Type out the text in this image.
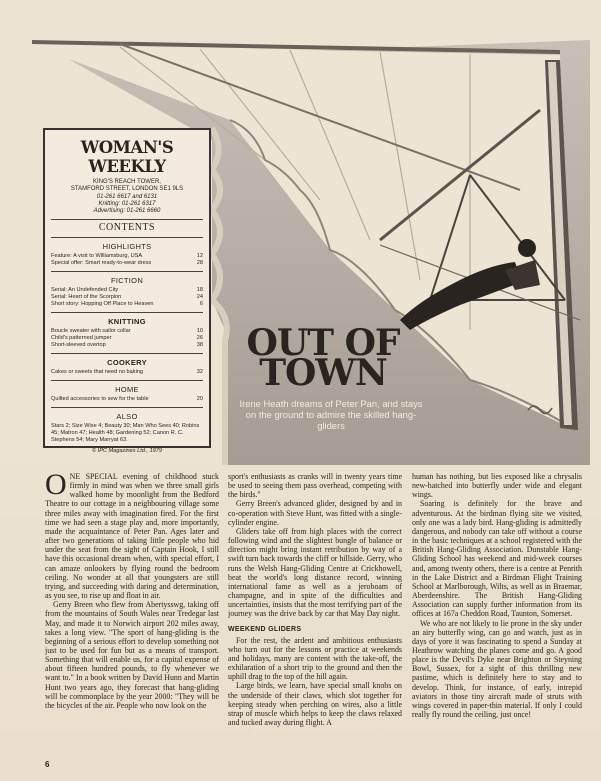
WOMAN'S WEEKLY
KING'S REACH TOWER,
STAMFORD STREET, LONDON SE1 9LS
01-261 6617 and 6131
Knitting: 01-261 6317
Advertising: 01-261 6660
CONTENTS
HIGHLIGHTS
Feature: A visit to Williamsburg, USA	12
Special offer: Smart ready-to-wear dress	28
FICTION
Serial: An Undefended City	18
Serial: Heart of the Scorpion	24
Short story: Hopping Off Place to Heaven	6
KNITTING
Boucle sweater with sailor collar	10
Child's patterned jumper	26
Short-sleeved overtop	38
COOKERY
Cakes or sweets that need no baking	32
HOME
Quilted accessories to sew for the table	20
ALSO
Stars 2; Size Wise 4; Beauty 30; Man Who Sees 40; Robins 45; Matron 47; Health 48; Gardening 52; Canon R. C. Stephens 54; Mary Marryat 63.
© IPC Magazines Ltd., 1979
OUT OF
TOWN
Irene Heath dreams of Peter Pan, and stays on the ground to admire the skilled hang-gliders

ONE SPECIAL evening of childhood stuck firmly in mind was when we three small girls walked home by moonlight from the Bedford Theatre to our cottage in a neighbouring village some three miles away with imagination fired. For the first time we had seen a stage play and, more importantly, made the acquaintance of Peter Pan. Ages later and after two generations of taking little people who hid under the seat from the sight of Captain Hook, I still have this occasional dream when, with special effort, I can amaze onlookers by flying round the bedroom ceiling. No wonder at all that youngsters are still trying, and succeeding with daring and determination, as you see, to rise up and float in air.

Gerry Breen who flew from Abertysswg, taking off from the mountains of South Wales near Tredegar last May, and made it to Norwich airport 202 miles away, takes a long view. "The sport of hang-gliding is the beginning of a serious effort to develop something not just to be used for fun but as a means of transport. Something that will enable us, for a capital expense of about fifteen hundred pounds, to fly whenever we want to." In a book written by David Hunn and Martin Hunt two years ago, they forecast that hang-gliding will be commonplace by the year 2000: "They will be the bicycles of the air. People who now look on the

sport's enthusiasts as cranks will in twenty years time be used to seeing them pass overhead, competing with the birds."

Gerry Breen's advanced glider, designed by and in co-operation with Steve Hunt, was fitted with a single-cylinder engine.

Gliders take off from high places with the correct following wind and the slightest bungle of balance or direction might bring instant retribution by way of a swift turn back towards the cliff or hillside. Gerry, who runs the Welsh Hang-Gliding Centre at Crickhowell, beat the world's long distance record, winning international fame as well as a jeroboam of champagne, and in spite of the difficulties and uncertainties, insists that the most terrifying part of the journey was the drive back by car that May Day night.

WEEKEND GLIDERS

For the rest, the ardent and ambitious enthusiasts who turn out for the lessons or practice at weekends and holidays, many are content with the take-off, the exhilaration of a short trip to the ground and then the uphill drag to the top of the hill again.

Large birds, we learn, have special small knobs on the underside of their claws, which slot together for keeping steady when perching on wires, also a little strap of muscle which helps to keep the claws relaxed and tucked away during flight. A

human has nothing, but lies exposed like a chrysalis new-hatched into butterfly under wide and elegant wings.

Soaring is definitely for the brave and adventurous. At the birdman flying site we visited, only one was a lady bird. Hang-gliding is admittedly dangerous, and nobody can take off without a course in the basic techniques at a school registered with the British Hang-Gliding Association. Dunstable Hang-Gliding School has weekend and mid-week courses and, among twenty others, there is a centre at Penrith in the Lake District and a Birdman Flight Training School at Marlborough, Wilts, as well as in Braemar, Aberdeenshire. The British Hang-Gliding Association can supply further information from its offices at 167a Cheddon Road, Taunton, Somerset.

We who are not likely to lie prone in the sky under an airy butterfly wing, can go and watch, just as in days of yore it was fascinating to spend a Sunday at Heathrow watching the planes come and go. A good place is the Devil's Dyke near Brighton or Steyning Bowl, Sussex, for a sight of this thrilling new pastime, which is definitely here to stay and to develop. Think, for instance, of early, intrepid aviators in those tiny aircraft made of struts with wings covered in paper-thin material. If only I could really fly round the ceiling, just once!

6
